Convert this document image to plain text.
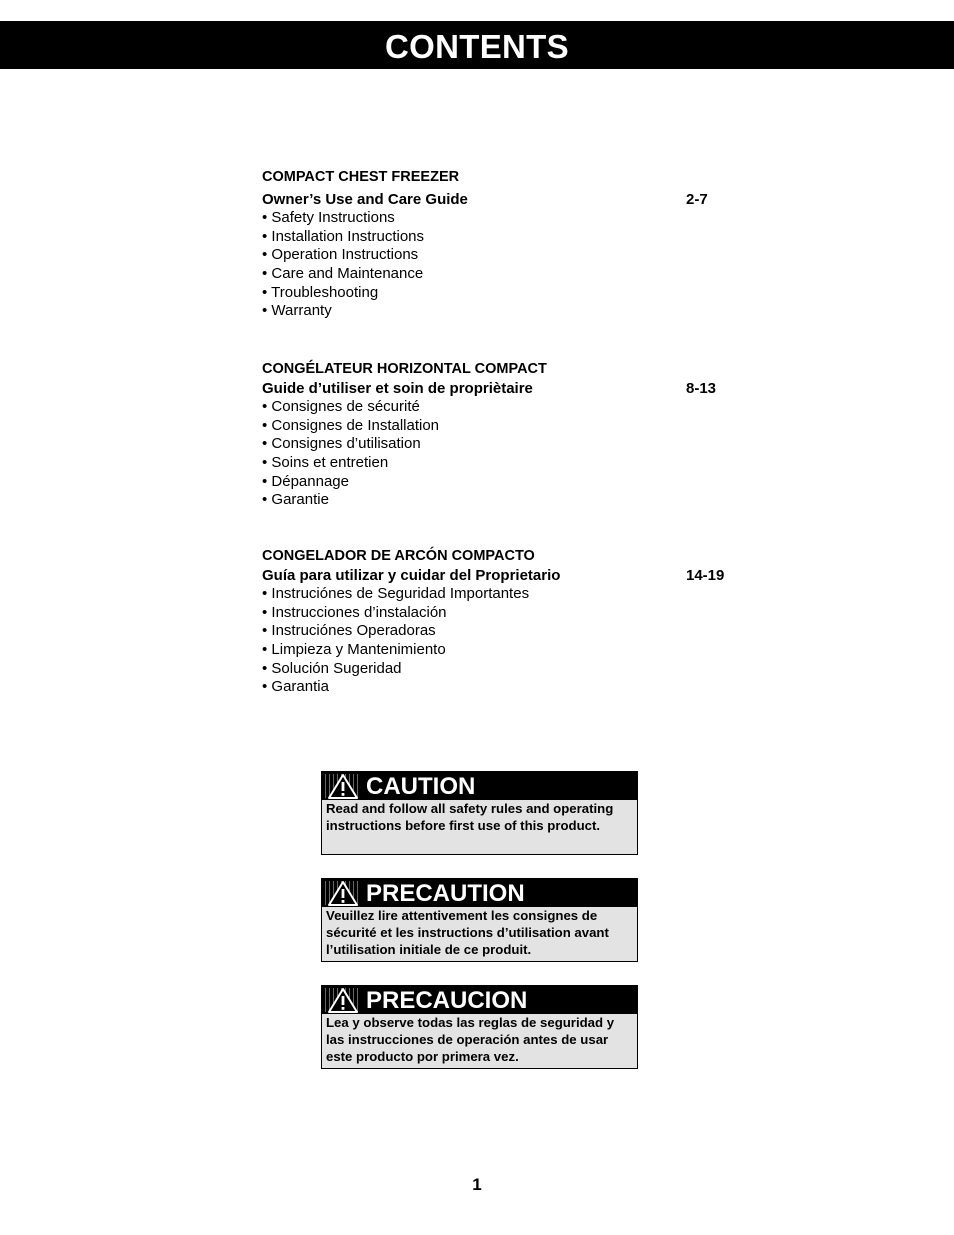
CONTENTS
COMPACT CHEST FREEZER
Owner’s Use and Care Guide	2-7
• Safety Instructions
• Installation Instructions
• Operation Instructions
• Care and Maintenance
• Troubleshooting
• Warranty
CONGÉLATEUR HORIZONTAL COMPACT
Guide d’utiliser et soin de propriètaire	8-13
• Consignes de sécurité
• Consignes de Installation
• Consignes d’utilisation
• Soins et entretien
• Dépannage
• Garantie
CONGELADOR DE ARCÓN COMPACTO
Guía para utilizar y cuidar del Proprietario	14-19
• Instruciónes de Seguridad Importantes
• Instrucciones d’instalación
• Instruciónes Operadoras
• Limpieza y Mantenimiento
• Solución Sugeridad
• Garantia
CAUTION
Read and follow all safety rules and operating instructions before first use of this product.
PRECAUTION
Veuillez lire attentivement les consignes de sécurité et les instructions d’utilisation avant l’utilisation initiale de ce produit.
PRECAUCION
Lea y observe todas las reglas de seguridad y las instrucciones de operación antes de usar este producto por primera vez.
1
